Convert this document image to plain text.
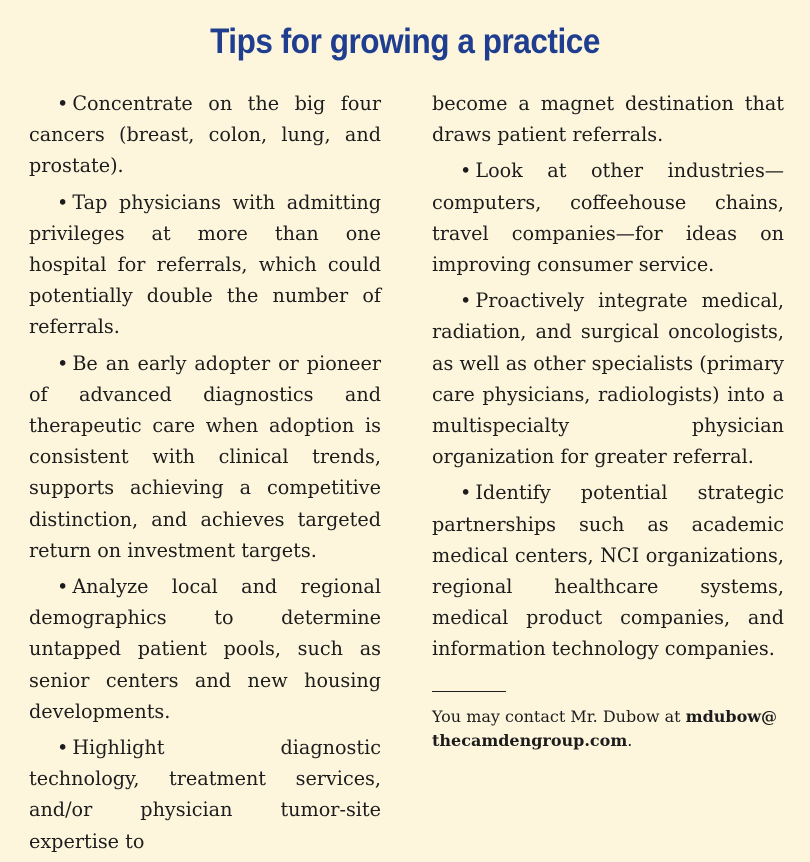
Tips for growing a practice

• Concentrate on the big four cancers (breast, colon, lung, and prostate).

• Tap physicians with admitting privileges at more than one hospital for referrals, which could potentially double the number of referrals.

• Be an early adopter or pioneer of advanced diagnostics and therapeutic care when adoption is consistent with clinical trends, supports achieving a competitive distinction, and achieves targeted return on investment targets.

• Analyze local and regional demographics to determine untapped patient pools, such as senior centers and new housing developments.

• Highlight diagnostic technology, treatment services, and/or physician tumor-site expertise to

become a magnet destination that draws patient referrals.

• Look at other industries—computers, coffeehouse chains, travel companies—for ideas on improving consumer service.

• Proactively integrate medical, radiation, and surgical oncologists, as well as other specialists (primary care physicians, radiologists) into a multispecialty physician organization for greater referral.

• Identify potential strategic partnerships such as academic medical centers, NCI organizations, regional healthcare systems, medical product companies, and information technology companies.

You may contact Mr. Dubow at mdubow@
thecamdengroup.com.
